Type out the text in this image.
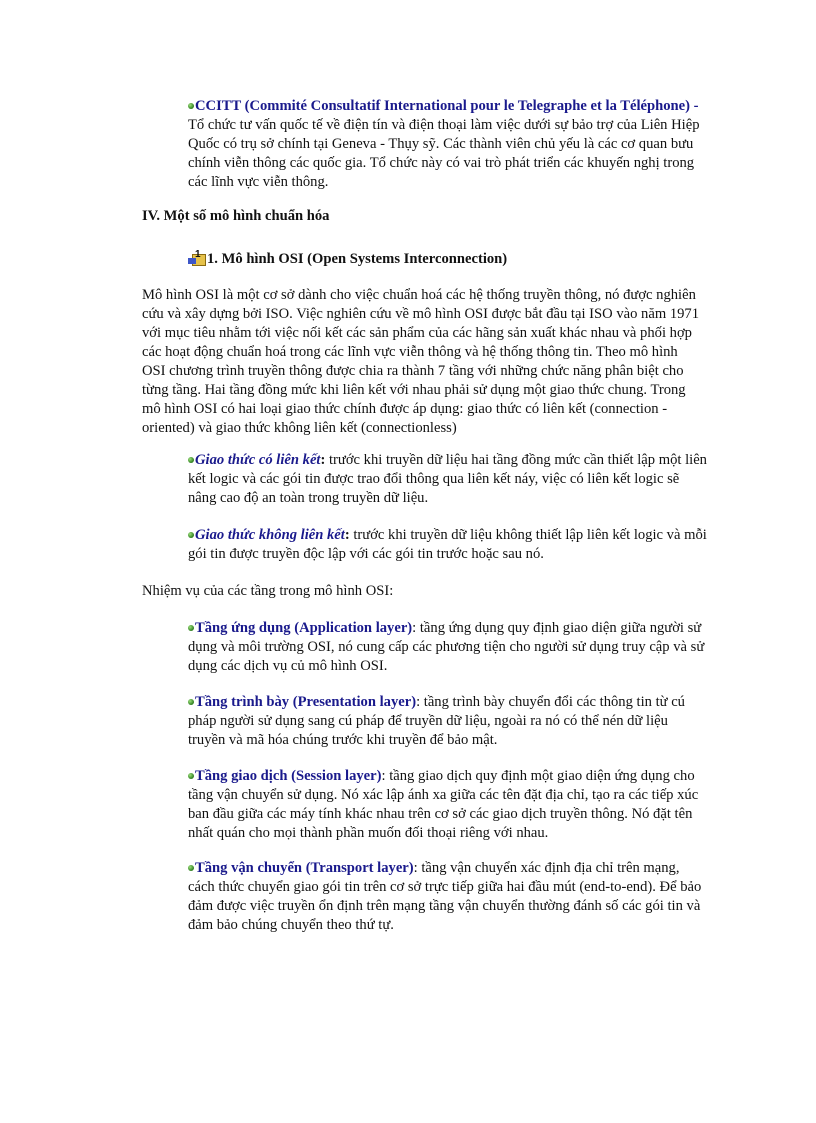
CCITT (Commité Consultatif International pour le Telegraphe et la Téléphone) - Tổ chức tư vấn quốc tế về điện tín và điện thoại làm việc dưới sự bảo trợ của Liên Hiệp Quốc có trụ sở chính tại Geneva - Thụy sỹ. Các thành viên chủ yếu là các cơ quan bưu chính viễn thông các quốc gia. Tổ chức này có vai trò phát triển các khuyến nghị trong các lĩnh vực viễn thông.

IV. Một số mô hình chuẩn hóa

1 1. Mô hình OSI (Open Systems Interconnection)

Mô hình OSI là một cơ sở dành cho việc chuẩn hoá các hệ thống truyền thông, nó được nghiên cứu và xây dựng bởi ISO. Việc nghiên cứu về mô hình OSI được bắt đầu tại ISO vào năm 1971 với mục tiêu nhằm tới việc nối kết các sản phẩm của các hãng sản xuất khác nhau và phối hợp các hoạt động chuẩn hoá trong các lĩnh vực viễn thông và hệ thống thông tin. Theo mô hình OSI chương trình truyền thông được chia ra thành 7 tầng với những chức năng phân biệt cho từng tầng. Hai tầng đồng mức khi liên kết với nhau phải sử dụng một giao thức chung. Trong mô hình OSI có hai loại giao thức chính được áp dụng: giao thức có liên kết (connection - oriented) và giao thức không liên kết (connectionless)

Giao thức có liên kết: trước khi truyền dữ liệu hai tầng đồng mức cần thiết lập một liên kết logic và các gói tin được trao đổi thông qua liên kết náy, việc có liên kết logic sẽ nâng cao độ an toàn trong truyền dữ liệu.

Giao thức không liên kết: trước khi truyền dữ liệu không thiết lập liên kết logic và mỗi gói tin được truyền độc lập với các gói tin trước hoặc sau nó.

Nhiệm vụ của các tầng trong mô hình OSI:

Tầng ứng dụng (Application layer): tầng ứng dụng quy định giao diện giữa người sử dụng và môi trường OSI, nó cung cấp các phương tiện cho người sử dụng truy cập và sử dụng các dịch vụ củ mô hình OSI.

Tầng trình bày (Presentation layer): tầng trình bày chuyển đổi các thông tin từ cú pháp người sử dụng sang cú pháp để truyền dữ liệu, ngoài ra nó có thể nén dữ liệu truyền và mã hóa chúng trước khi truyền để bảo mật.

Tầng giao dịch (Session layer): tầng giao dịch quy định một giao diện ứng dụng cho tầng vận chuyển sử dụng. Nó xác lập ánh xa giữa các tên đặt địa chỉ, tạo ra các tiếp xúc ban đầu giữa các máy tính khác nhau trên cơ sở các giao dịch truyền thông. Nó đặt tên nhất quán cho mọi thành phần muốn đối thoại riêng với nhau.

Tầng vận chuyển (Transport layer): tầng vận chuyển xác định địa chỉ trên mạng, cách thức chuyển giao gói tin trên cơ sở trực tiếp giữa hai đầu mút (end-to-end). Để bảo đảm được việc truyền ổn định trên mạng tầng vận chuyển thường đánh số các gói tin và đảm bảo chúng chuyển theo thứ tự.
